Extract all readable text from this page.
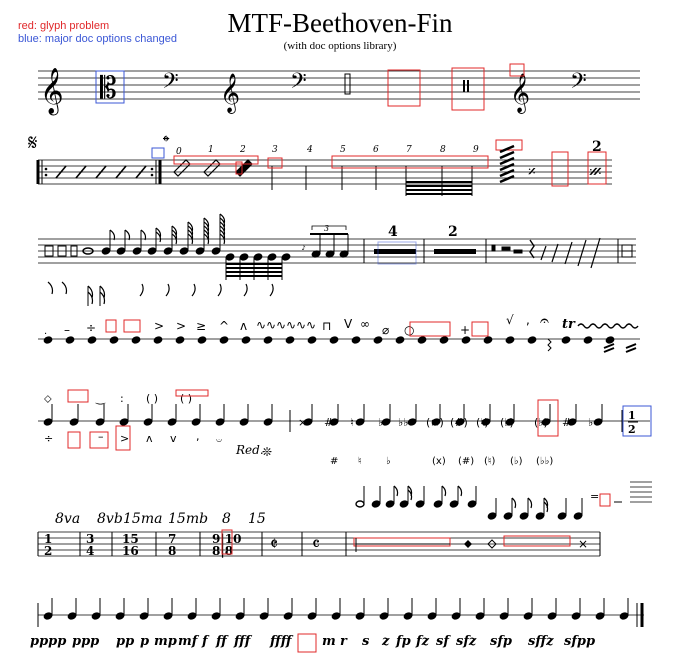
red: glyph problem
blue: major doc options changed
MTF-Beethoven-Fin
(with doc options library)
𝄞 𝄡 𝄢 𝄞 𝄢	𝄞 𝄢
𝄋	𝄌 0	1	2	3	4	5	6	7	8	9
𝄎	𝄏
2
𝆔
3	4	2
. – ÷	> > ≥ ^ ʌ ∿∿ ∿∿ ∿∿ ⊓ V ∞ ⌀ ○	+
√ , 𝄐 tr
⬦	‿ : ( ) ( )
× # ♮ ♭ ♭♭ (×) (#) (♮) (♭) (♭) # ♭
÷	– > ʌ v , 𝄑
1
2
Red.
❊
# ♮ ♭	(x) (#) (♮) (♭) (♭♭)
=
1
2
3
4
15
16
7
8
9|10
8|8 𝄵 𝄴	×
8va 8vb 15ma 15mb 8 15
pppp ppp pp p mp mf f ff fff ffff m r s z fp fz sf sfz sfp sffz sfpp
